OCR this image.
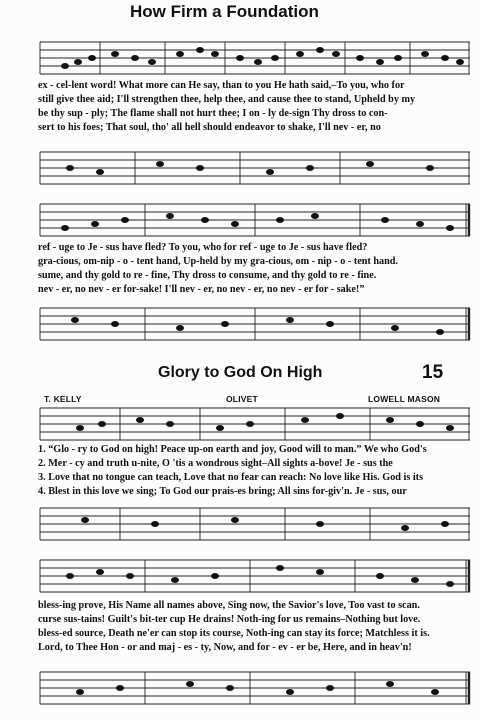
How Firm a Foundation
ex - cel-lent word! What more can He say, than to you He hath said,–To you, who for
still give thee aid; I'll strengthen thee, help thee, and cause thee to stand, Upheld by my
be thy sup - ply; The flame shall not hurt thee; I on - ly de-sign Thy dross to con-
sert to his foes; That soul, tho' all hell should endeavor to shake, I'll nev - er, no
ref - uge to Je - sus have fled? To you, who for ref - uge to Je - sus have fled?
gra-cious, om-nip - o - tent hand, Up-held by my gra-cious, om - nip - o - tent hand.
sume, and thy gold to re - fine, Thy dross to consume, and thy gold to re - fine.
nev - er, no nev - er for-sake! I'll nev - er, no nev - er, no nev - er for - sake!”
Glory to God On High	15
T. KELLY	OLIVET	LOWELL MASON
1. “Glo - ry to God on high! Peace up-on earth and joy, Good will to man.” We who God's
2. Mer - cy and truth u-nite, O 'tis a wondrous sight–All sights a-bove! Je - sus the
3. Love that no tongue can teach, Love that no fear can reach: No love like His. God is its
4. Blest in this love we sing; To God our prais-es bring; All sins for-giv'n. Je - sus, our
bless-ing prove, His Name all names above, Sing now, the Savior's love, Too vast to scan.
curse sus-tains! Guilt's bit-ter cup He drains! Noth-ing for us remains–Nothing but love.
bless-ed source, Death ne'er can stop its course, Noth-ing can stay its force; Matchless it is.
Lord, to Thee Hon - or and maj - es - ty, Now, and for - ev - er be, Here, and in heav'n!
